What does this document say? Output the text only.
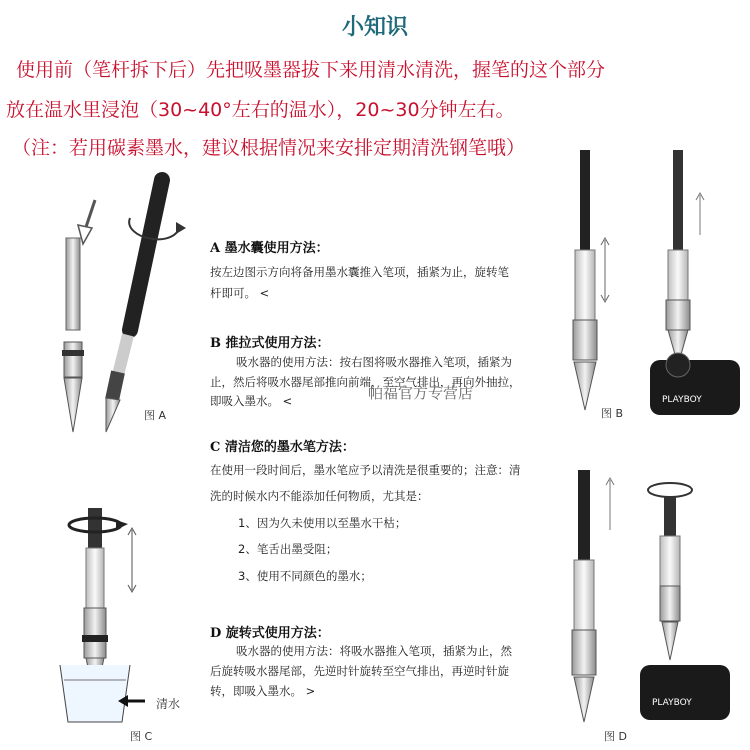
小知识
使用前（笔杆拆下后）先把吸墨器拔下来用清水清洗，握笔的这个部分
放在温水里浸泡（30~40°左右的温水），20~30分钟左右。
（注：若用碳素墨水，建议根据情况来安排定期清洗钢笔哦）
PLAYBOY
PLAYBOY
图 A	图 B
图 C	图 D
清水
A 墨水囊使用方法：
按左边图示方向将备用墨水囊推入笔项，插紧为止，旋转笔
杆即可。 <
B 推拉式使用方法：
吸水器的使用方法：按右图将吸水器推入笔项，插紧为
止，然后将吸水器尾部推向前端，至空气排出，再向外抽拉，
即吸入墨水。 <	帕福官方专营店
C 清洁您的墨水笔方法：
在使用一段时间后，墨水笔应予以清洗是很重要的；注意：清
洗的时候水内不能添加任何物质，尤其是：
1、因为久未使用以至墨水干枯；
2、笔舌出墨受阻；
3、使用不同颜色的墨水；
D 旋转式使用方法：
吸水器的使用方法：将吸水器推入笔项，插紧为止，然
后旋转吸水器尾部，先逆时针旋转至空气排出，再逆时针旋
转，即吸入墨水。 >
